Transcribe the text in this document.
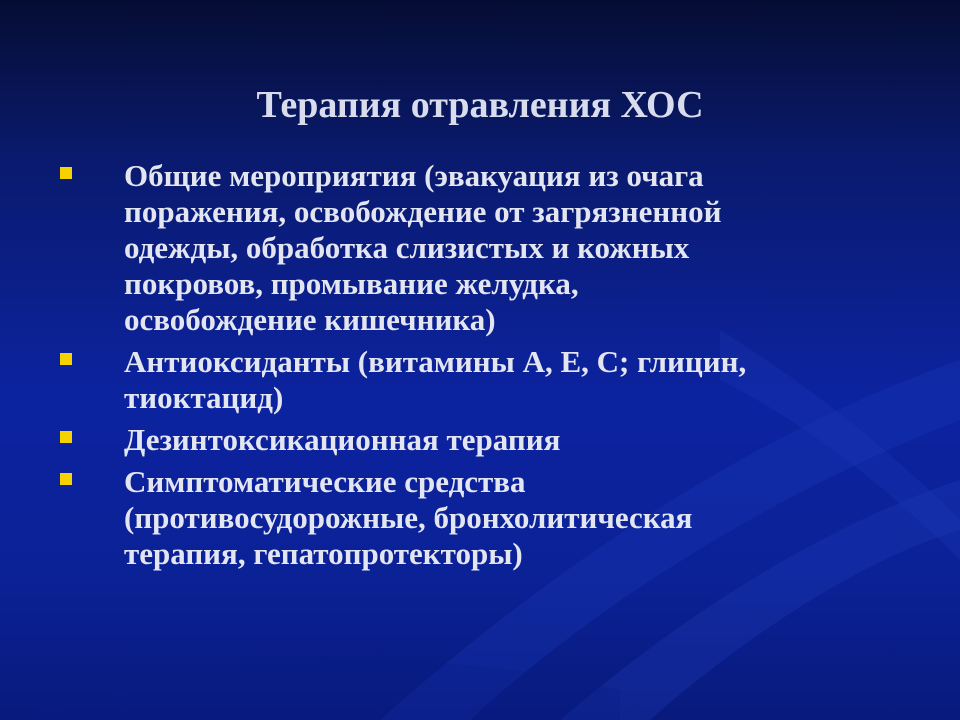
Терапия отравления ХОС
Общие мероприятия (эвакуация из очага
поражения, освобождение от загрязненной
одежды, обработка слизистых и кожных
покровов, промывание желудка,
освобождение кишечника)
Антиоксиданты (витамины А, Е, С; глицин,
тиоктацид)
Дезинтоксикационная терапия
Симптоматические средства
(противосудорожные, бронхолитическая
терапия, гепатопротекторы)
